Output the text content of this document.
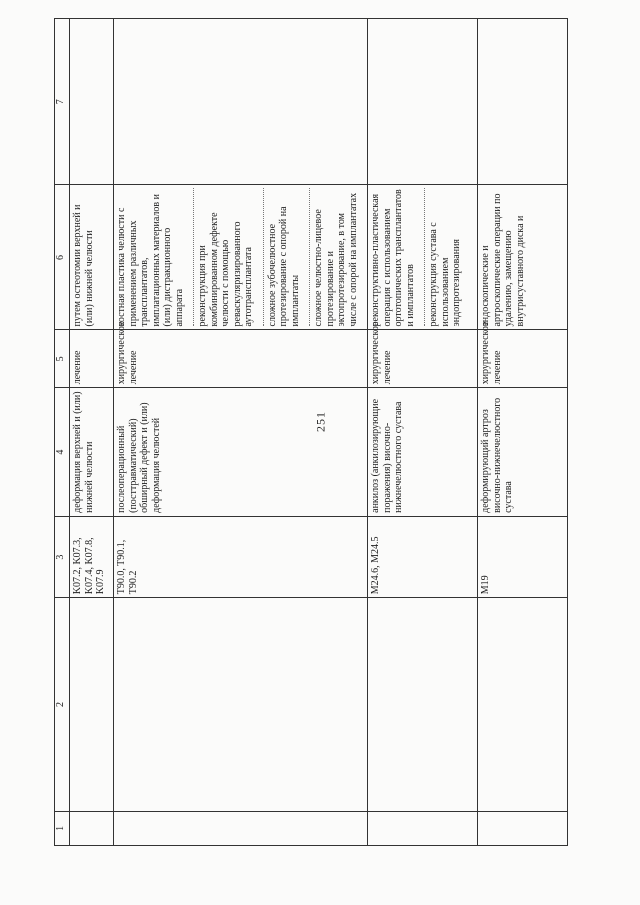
251
1	2	3	4	5	6	7
		K07.2, K07.3, K07.4, K07.8, K07.9	деформация верхней и (или) нижней челюсти	лечение	путем остеотомии верхней и (или) нижней челюсти	
		T90.0, T90.1, T90.2	послеоперационный (посттравматический) обширный дефект и (или) деформация челюстей	хирургическое лечение	костная пластика челюсти с применением различных трансплантатов, имплатационных материалов и (или) дистракционного аппарата реконструкция при комбинированном дефекте челюсти с помощью реваскуляризированного аутотрансплантата сложное зубочелюстное протезирование с опорой на имплантаты сложное челюстно-лицевое протезирование и эктопротезирование, в том числе с опорой на имплантатах	

		M24.6, M24.5	анкилоз (анкилозирующие поражения) височно-нижнечелюстного сустава	хирургическое лечение	реконструктивно-пластическая операция с использованием ортотопических трансплантатов и имплантатов реконструкция сустава с использованием эндопротезирования	

		M19	деформирующий артроз височно-нижнечелюстного сустава	хирургическое лечение	эндоскопические и артроскопические операции по удалению, замещению внутрисуставного диска и	
